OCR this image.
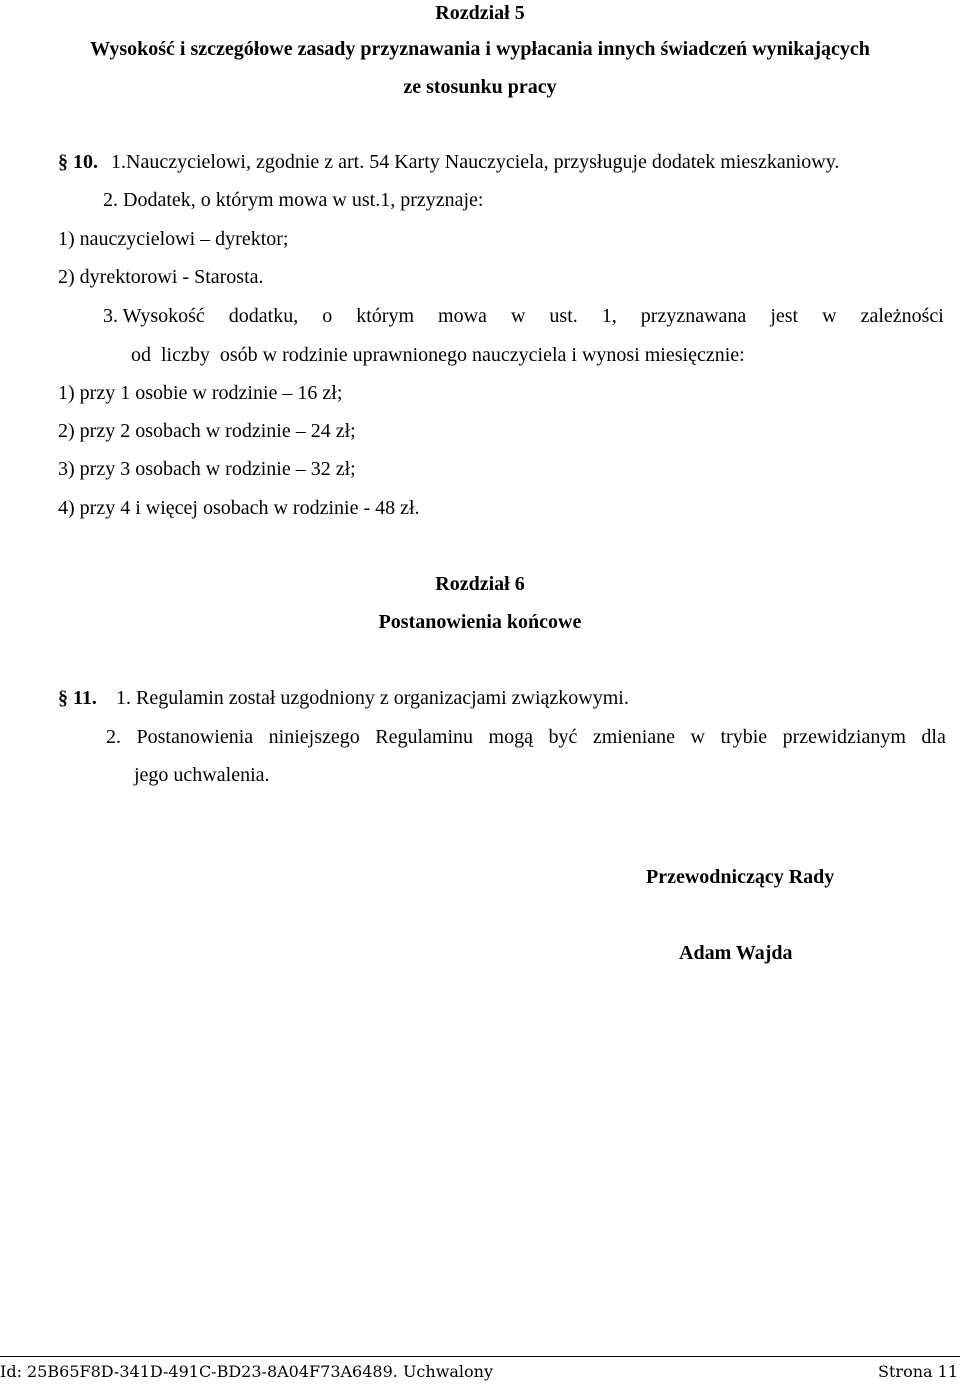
Rozdział 5
Wysokość i szczegółowe zasady przyznawania i wypłacania innych świadczeń wynikających
ze stosunku pracy
§ 10. 1.Nauczycielowi, zgodnie z art. 54 Karty Nauczyciela, przysługuje dodatek mieszkaniowy.
2. Dodatek, o którym mowa w ust.1, przyznaje:
1) nauczycielowi – dyrektor;
2) dyrektorowi - Starosta.
3. Wysokość dodatku, o którym mowa w ust. 1, przyznawana jest w zależności
od  liczby  osób w rodzinie uprawnionego nauczyciela i wynosi miesięcznie:
1) przy 1 osobie w rodzinie – 16 zł;
2) przy 2 osobach w rodzinie – 24 zł;
3) przy 3 osobach w rodzinie – 32 zł;
4) przy 4 i więcej osobach w rodzinie - 48 zł.
Rozdział 6
Postanowienia końcowe
§ 11. 1. Regulamin został uzgodniony z organizacjami związkowymi.
2. Postanowienia niniejszego Regulaminu mogą być zmieniane w trybie przewidzianym dla
jego uchwalenia.
Przewodniczący Rady
Adam Wajda
Id: 25B65F8D-341D-491C-BD23-8A04F73A6489. Uchwalony	Strona 11
